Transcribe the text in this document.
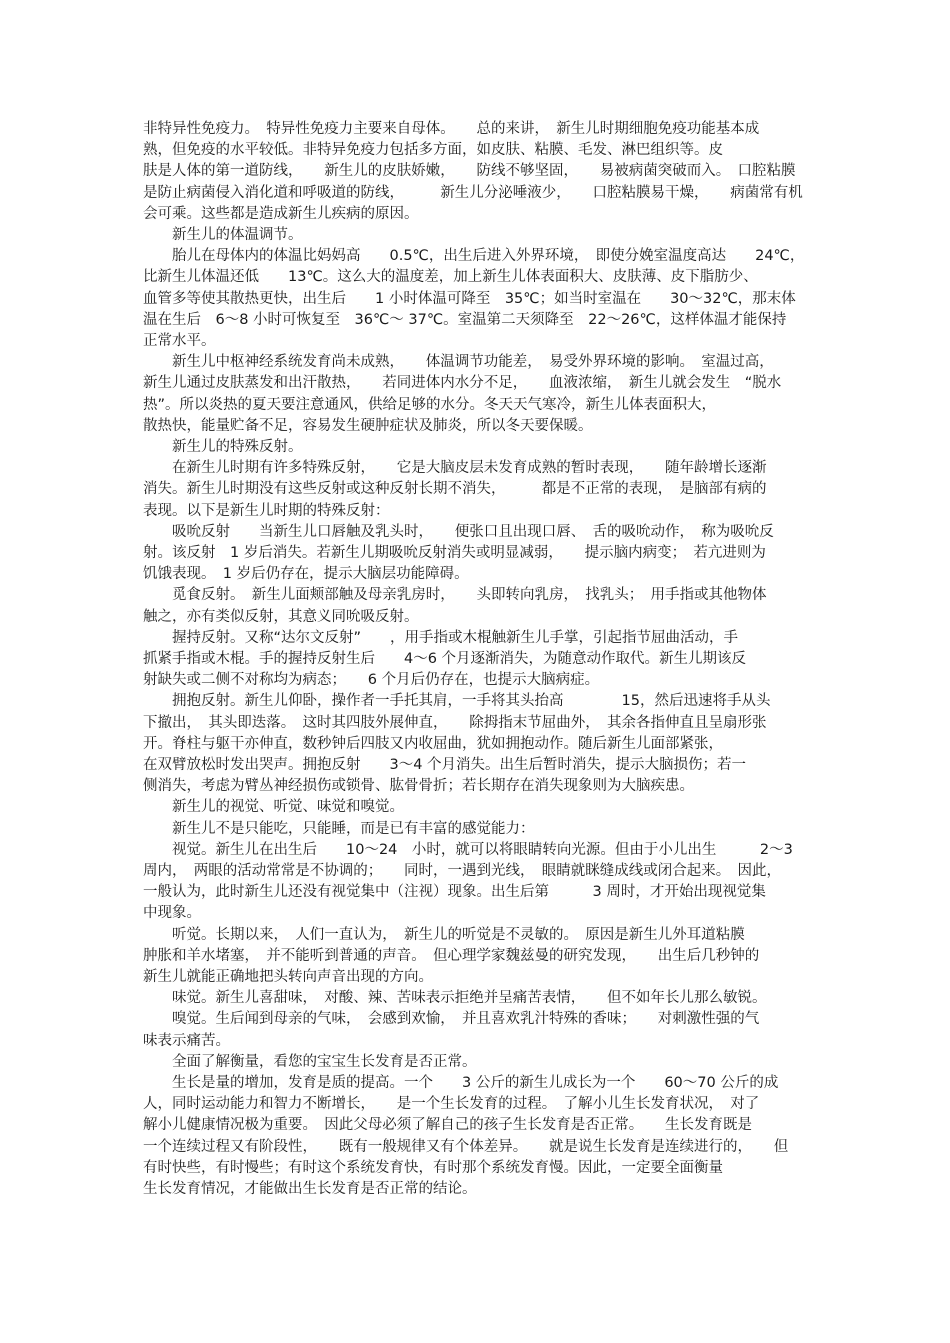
非特异性免疫力。　特异性免疫力主要来自母体。　　总的来讲，　新生儿时期细胞免疫功能基本成

熟，但免疫的水平较低。非特异免疫力包括多方面，如皮肤、粘膜、毛发、淋巴组织等。皮

肤是人体的第一道防线，　　新生儿的皮肤娇嫩，　　防线不够坚固，　　易被病菌突破而入。　口腔粘膜

是防止病菌侵入消化道和呼吸道的防线，　　　新生儿分泌唾液少，　　口腔粘膜易干燥，　　病菌常有机

会可乘。这些都是造成新生儿疾病的原因。

　　新生儿的体温调节。

　　胎儿在母体内的体温比妈妈高　　0.5℃，出生后进入外界环境，　即使分娩室温度高达　　24℃，

比新生儿体温还低　　13℃。这么大的温度差，加上新生儿体表面积大、皮肤薄、皮下脂肪少、

血管多等使其散热更快，出生后　　1 小时体温可降至　35℃；如当时室温在　　30～32℃，那末体

温在生后　6～8 小时可恢复至　36℃～ 37℃。室温第二天须降至　22～26℃，这样体温才能保持

正常水平。

　　新生儿中枢神经系统发育尚未成熟，　　体温调节功能差，　易受外界环境的影响。　室温过高，

新生儿通过皮肤蒸发和出汗散热，　　若同进体内水分不足，　　血液浓缩，　新生儿就会发生　“脱水

热”。所以炎热的夏天要注意通风，供给足够的水分。冬天天气寒冷，新生儿体表面积大，

散热快，能量贮备不足，容易发生硬肿症状及肺炎，所以冬天要保暖。

　　新生儿的特殊反射。

　　在新生儿时期有许多特殊反射，　　它是大脑皮层未发育成熟的暂时表现，　　随年龄增长逐渐

消失。新生儿时期没有这些反射或这种反射长期不消失，　　　都是不正常的表现，　是脑部有病的

表现。以下是新生儿时期的特殊反射：

　　吸吮反射　　当新生儿口唇触及乳头时，　　便张口且出现口唇、　舌的吸吮动作，　称为吸吮反

射。该反射　1 岁后消失。若新生儿期吸吮反射消失或明显减弱，　　提示脑内病变；　若亢进则为

饥饿表现。　1 岁后仍存在，提示大脑层功能障碍。

　　觅食反射。　新生儿面颊部触及母亲乳房时，　　头即转向乳房，　找乳头；　用手指或其他物体

触之，亦有类似反射，其意义同吮吸反射。

　　握持反射。又称“达尔文反射”　　，用手指或木棍触新生儿手掌，引起指节屈曲活动，手

抓紧手指或木棍。手的握持反射生后　　4～6 个月逐渐消失，为随意动作取代。新生儿期该反

射缺失或二侧不对称均为病态；　　6 个月后仍存在，也提示大脑病症。

　　拥抱反射。新生儿仰卧，操作者一手托其肩，一手将其头抬高　　　　15，然后迅速将手从头

下撤出，　其头即迭落。　这时其四肢外展伸直，　　除拇指末节屈曲外，　其余各指伸直且呈扇形张

开。脊柱与躯干亦伸直，数秒钟后四肢又内收屈曲，犹如拥抱动作。随后新生儿面部紧张，

在双臂放松时发出哭声。拥抱反射　　3～4 个月消失。出生后暂时消失，提示大脑损伤；若一

侧消失，考虑为臂丛神经损伤或锁骨、肱骨骨折；若长期存在消失现象则为大脑疾患。

　　新生儿的视觉、听觉、味觉和嗅觉。

　　新生儿不是只能吃，只能睡，而是已有丰富的感觉能力：

　　视觉。新生儿在出生后　　10～24　小时，就可以将眼睛转向光源。但由于小儿出生　　　2～3

周内，　两眼的活动常常是不协调的；　　同时，一遇到光线，　眼睛就眯缝成线或闭合起来。　因此，

一般认为，此时新生儿还没有视觉集中（注视）现象。出生后第　　　3 周时，才开始出现视觉集

中现象。

　　听觉。长期以来，　人们一直认为，　新生儿的听觉是不灵敏的。　原因是新生儿外耳道粘膜

肿胀和羊水堵塞，　并不能听到普通的声音。　但心理学家魏兹曼的研究发现，　　出生后几秒钟的

新生儿就能正确地把头转向声音出现的方向。

　　味觉。新生儿喜甜味，　对酸、辣、苦味表示拒绝并呈痛苦表情，　　但不如年长儿那么敏锐。

　　嗅觉。生后闻到母亲的气味，　会感到欢愉，　并且喜欢乳汁特殊的香味；　　对刺激性强的气

味表示痛苦。

　　全面了解衡量，看您的宝宝生长发育是否正常。

　　生长是量的增加，发育是质的提高。一个　　3 公斤的新生儿成长为一个　　60～70 公斤的成

人，同时运动能力和智力不断增长，　　是一个生长发育的过程。　了解小儿生长发育状况，　对了

解小儿健康情况极为重要。　因此父母必须了解自己的孩子生长发育是否正常。　　生长发育既是

一个连续过程又有阶段性，　　既有一般规律又有个体差异。　　就是说生长发育是连续进行的，　　但

有时快些，有时慢些；有时这个系统发育快，有时那个系统发育慢。因此，一定要全面衡量

生长发育情况，才能做出生长发育是否正常的结论。
